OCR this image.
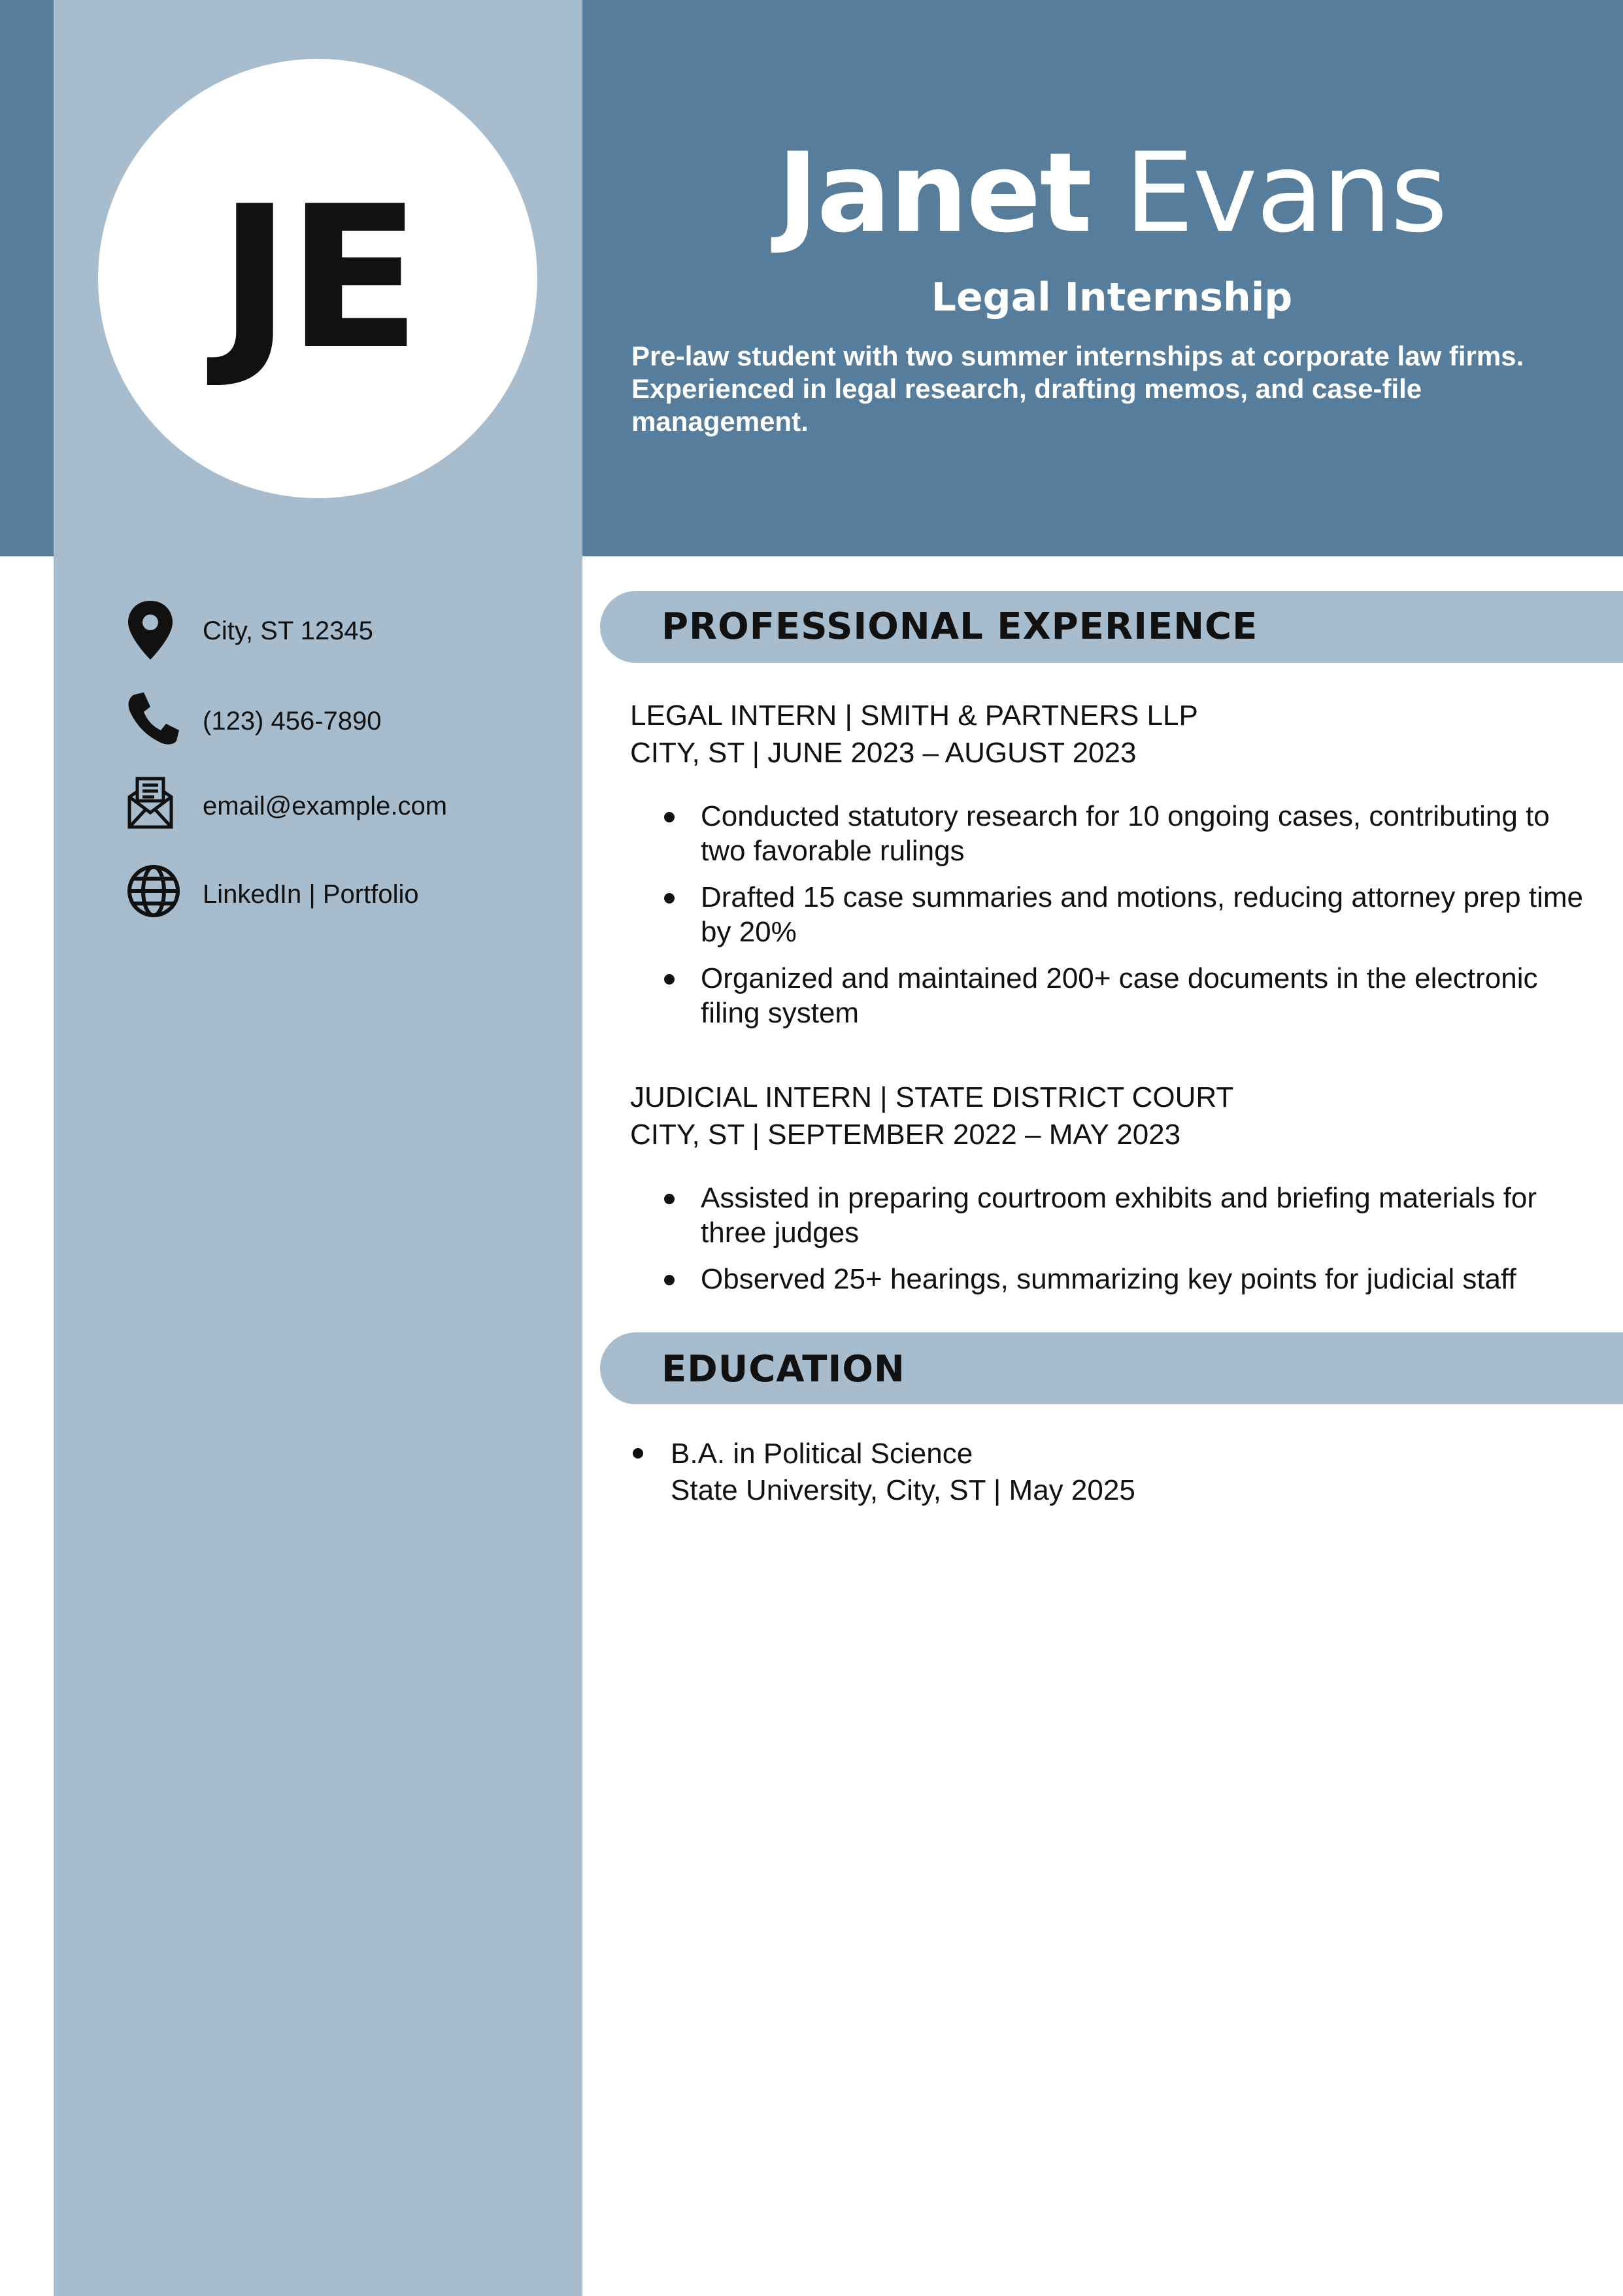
JE	Janet Evans
Legal Internship
Pre-law student with two summer internships at corporate law firms. Experienced in legal research, drafting memos, and case-file management.
City, ST 12345
(123) 456-7890
email@example.com
LinkedIn | Portfolio
PROFESSIONAL EXPERIENCE
LEGAL INTERN | SMITH & PARTNERS LLP
CITY, ST | JUNE 2023 – AUGUST 2023
Conducted statutory research for 10 ongoing cases, contributing to two favorable rulings
Drafted 15 case summaries and motions, reducing attorney prep time by 20%
Organized and maintained 200+ case documents in the electronic filing system
JUDICIAL INTERN | STATE DISTRICT COURT
CITY, ST | SEPTEMBER 2022 – MAY 2023
Assisted in preparing courtroom exhibits and briefing materials for three judges
Observed 25+ hearings, summarizing key points for judicial staff
EDUCATION
B.A. in Political Science
State University, City, ST | May 2025
